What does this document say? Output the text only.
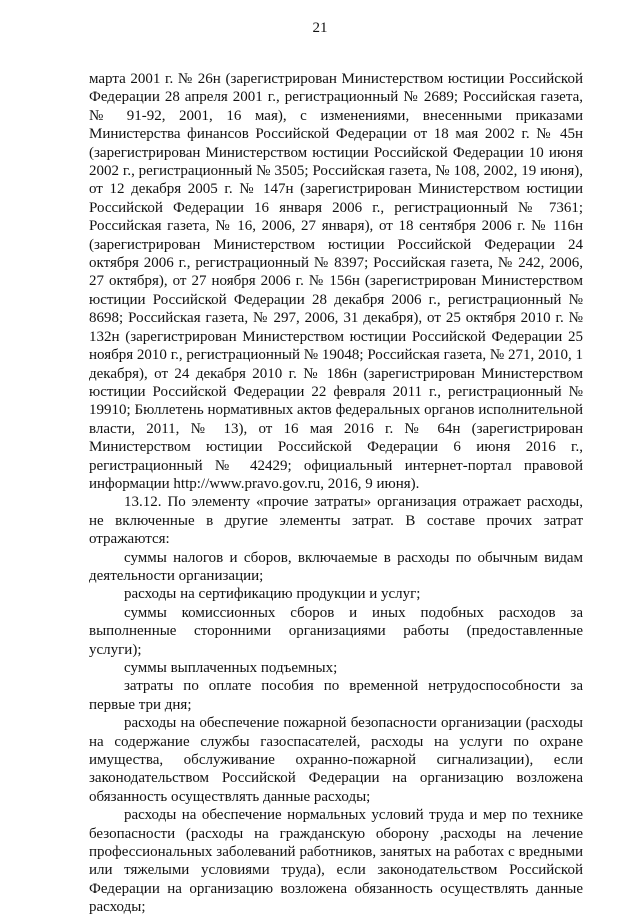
21

марта 2001 г. № 26н (зарегистрирован Министерством юстиции Российской Федерации 28 апреля 2001 г., регистрационный № 2689; Российская газета, № 91-92, 2001, 16 мая), с изменениями, внесенными приказами Министерства финансов Российской Федерации от 18 мая 2002 г. № 45н (зарегистрирован Министерством юстиции Российской Федерации 10 июня 2002 г., регистрационный № 3505; Российская газета, № 108, 2002, 19 июня), от 12 декабря 2005 г. № 147н (зарегистрирован Министерством юстиции Российской Федерации 16 января 2006 г., регистрационный № 7361; Российская газета, № 16, 2006, 27 января), от 18 сентября 2006 г. № 116н (зарегистрирован Министерством юстиции Российской Федерации 24 октября 2006 г., регистрационный № 8397; Российская газета, № 242, 2006, 27 октября), от 27 ноября 2006 г. № 156н (зарегистрирован Министерством юстиции Российской Федерации 28 декабря 2006 г., регистрационный № 8698; Российская газета, № 297, 2006, 31 декабря), от 25 октября 2010 г. № 132н (зарегистрирован Министерством юстиции Российской Федерации 25 ноября 2010 г., регистрационный № 19048; Российская газета, № 271, 2010, 1 декабря), от 24 декабря 2010 г. № 186н (зарегистрирован Министерством юстиции Российской Федерации 22 февраля 2011 г., регистрационный № 19910; Бюллетень нормативных актов федеральных органов исполнительной власти, 2011, № 13), от 16 мая 2016 г. № 64н (зарегистрирован Министерством юстиции Российской Федерации 6 июня 2016 г., регистрационный № 42429; официальный интернет-портал правовой информации http://www.pravo.gov.ru, 2016, 9 июня).

13.12. По элементу «прочие затраты» организация отражает расходы, не включенные в другие элементы затрат. В составе прочих затрат отражаются:

суммы налогов и сборов, включаемые в расходы по обычным видам деятельности организации;

расходы на сертификацию продукции и услуг;

суммы комиссионных сборов и иных подобных расходов за выполненные сторонними организациями работы (предоставленные услуги);

суммы выплаченных подъемных;

затраты по оплате пособия по временной нетрудоспособности за первые три дня;

расходы на обеспечение пожарной безопасности организации (расходы на содержание службы газоспасателей, расходы на услуги по охране имущества, обслуживание охранно-пожарной сигнализации), если законодательством Российской Федерации на организацию возложена обязанность осуществлять данные расходы;

расходы на обеспечение нормальных условий труда и мер по технике безопасности (расходы на гражданскую оборону ,расходы на лечение профессиональных заболеваний работников, занятых на работах с вредными или тяжелыми условиями труда), если законодательством Российской Федерации на организацию возложена обязанность осуществлять данные расходы;
